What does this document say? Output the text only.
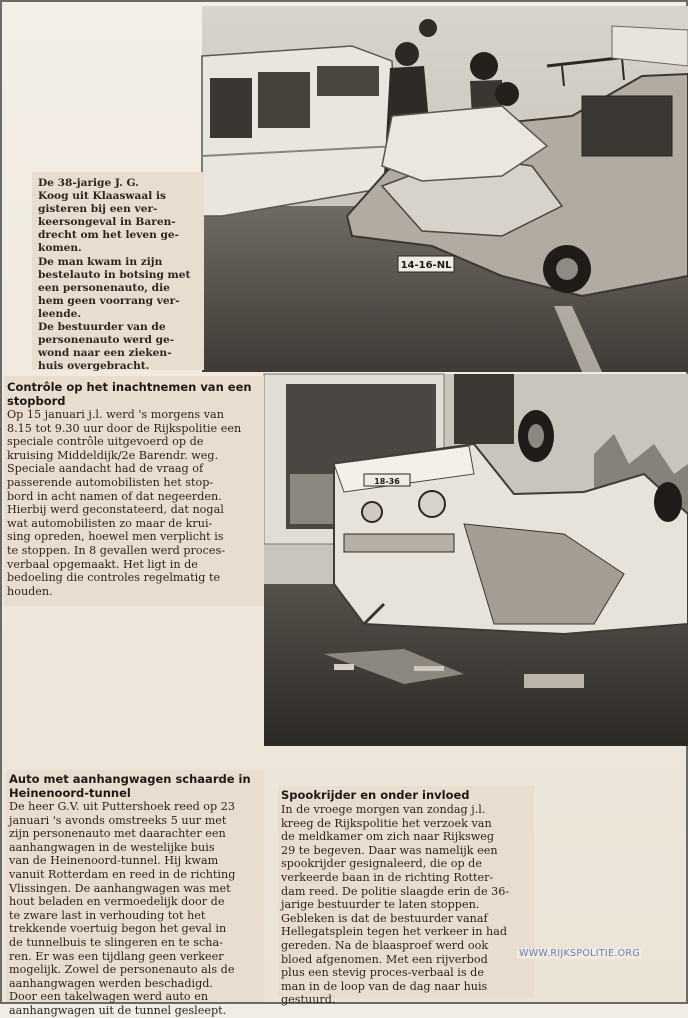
14-16-NL
De 38-jarige J. G.
Koog uit Klaaswaal is
gisteren bij een ver-
keersongeval in Baren-
drecht om het leven ge-
komen.
De man kwam in zijn
bestelauto in botsing met
een personenauto, die
hem geen voorrang ver-
leende.
De bestuurder van de
personenauto werd ge-
wond naar een zieken-
huis overgebracht.
18-36
Contrôle op het inachtnemen van een
stopbord
Op 15 januari j.l. werd 's morgens van
8.15 tot 9.30 uur door de Rijkspolitie een
speciale contrôle uitgevoerd op de
kruising Middeldijk/2e Barendr. weg.
Speciale aandacht had de vraag of
passerende automobilisten het stop-
bord in acht namen of dat negeerden.
Hierbij werd geconstateerd, dat nogal
wat automobilisten zo maar de krui-
sing opreden, hoewel men verplicht is
te stoppen. In 8 gevallen werd proces-
verbaal opgemaakt. Het ligt in de
bedoeling die controles regelmatig te
houden.
Auto met aanhangwagen schaarde in
Heinenoord-tunnel
De heer G.V. uit Puttershoek reed op 23
januari 's avonds omstreeks 5 uur met
zijn personenauto met daarachter een
aanhangwagen in de westelijke buis
van de Heinenoord-tunnel. Hij kwam
vanuit Rotterdam en reed in de richting
Vlissingen. De aanhangwagen was met
hout beladen en vermoedelijk door de
te zware last in verhouding tot het
trekkende voertuig begon het geval in
de tunnelbuis te slingeren en te scha-
ren. Er was een tijdlang geen verkeer
mogelijk. Zowel de personenauto als de
aanhangwagen werden beschadigd.
Door een takelwagen werd auto en
aanhangwagen uit de tunnel gesleept.
Spookrijder en onder invloed
In de vroege morgen van zondag j.l.
kreeg de Rijkspolitie het verzoek van
de meldkamer om zich naar Rijksweg
29 te begeven. Daar was namelijk een
spookrijder gesignaleerd, die op de
verkeerde baan in de richting Rotter-
dam reed. De politie slaagde erin de 36-
jarige bestuurder te laten stoppen.
Gebleken is dat de bestuurder vanaf
Hellegatsplein tegen het verkeer in had
gereden. Na de blaasproef werd ook
bloed afgenomen. Met een rijverbod
plus een stevig proces-verbaal is de
man in de loop van de dag naar huis
gestuurd.
WWW.RIJKSPOLITIE.ORG
